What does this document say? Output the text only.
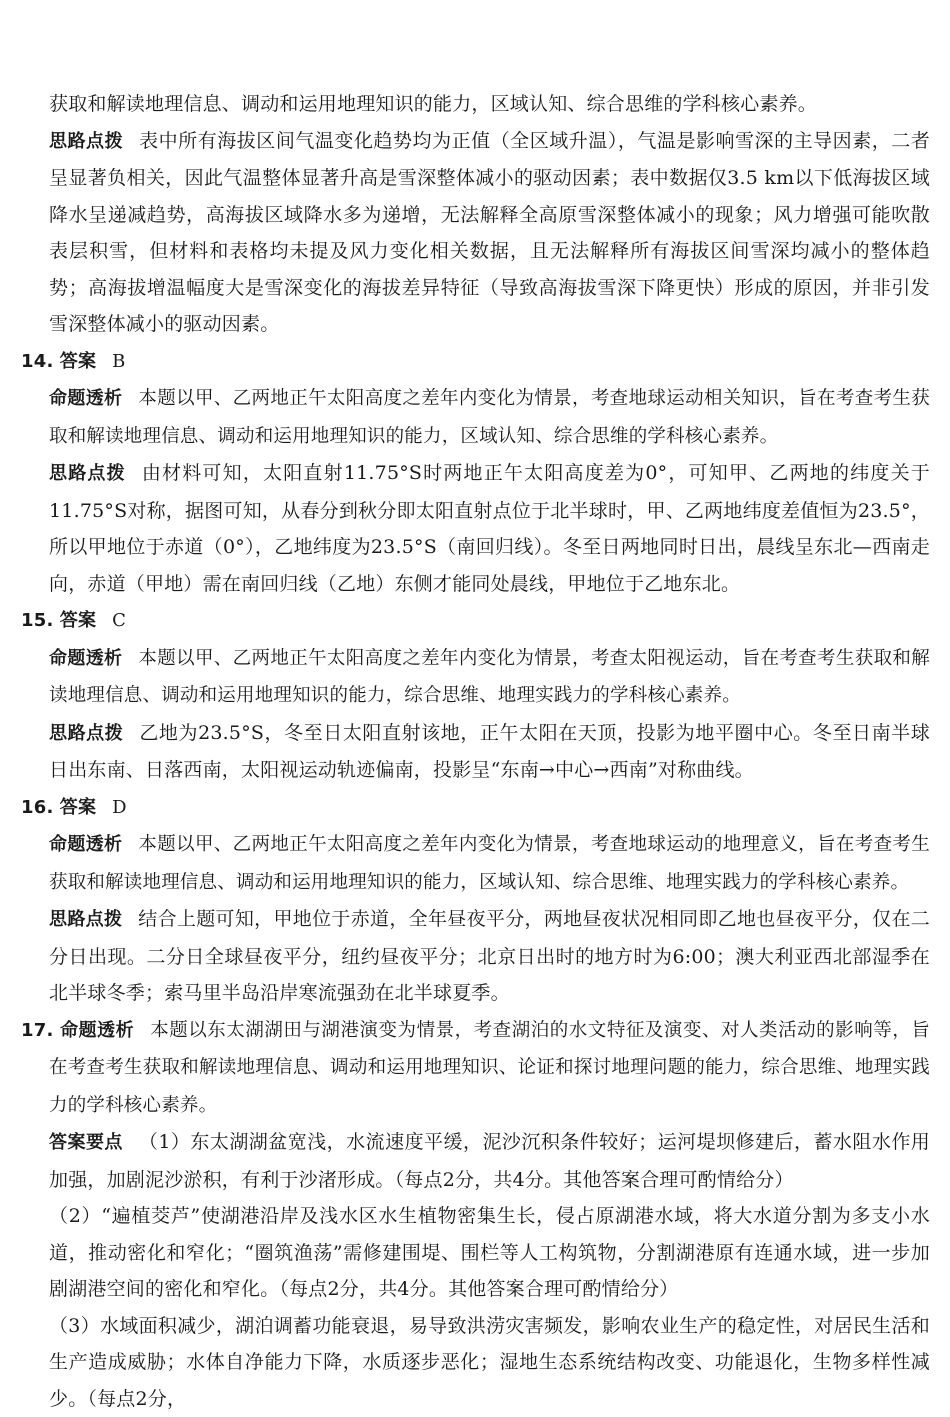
获取和解读地理信息、调动和运用地理知识的能力，区域认知、综合思维的学科核心素养。

思路点拨 表中所有海拔区间气温变化趋势均为正值（全区域升温），气温是影响雪深的主导因素，二者呈显著负相关，因此气温整体显著升高是雪深整体减小的驱动因素；表中数据仅3.5 km以下低海拔区域降水呈递减趋势，高海拔区域降水多为递增，无法解释全高原雪深整体减小的现象；风力增强可能吹散表层积雪，但材料和表格均未提及风力变化相关数据，且无法解释所有海拔区间雪深均减小的整体趋势；高海拔增温幅度大是雪深变化的海拔差异特征（导致高海拔雪深下降更快）形成的原因，并非引发雪深整体减小的驱动因素。

14. 答案 B

命题透析 本题以甲、乙两地正午太阳高度之差年内变化为情景，考查地球运动相关知识，旨在考查考生获取和解读地理信息、调动和运用地理知识的能力，区域认知、综合思维的学科核心素养。

思路点拨 由材料可知，太阳直射11.75°S时两地正午太阳高度差为0°，可知甲、乙两地的纬度关于11.75°S对称，据图可知，从春分到秋分即太阳直射点位于北半球时，甲、乙两地纬度差值恒为23.5°，所以甲地位于赤道（0°），乙地纬度为23.5°S（南回归线）。冬至日两地同时日出，晨线呈东北—西南走向，赤道（甲地）需在南回归线（乙地）东侧才能同处晨线，甲地位于乙地东北。

15. 答案 C

命题透析 本题以甲、乙两地正午太阳高度之差年内变化为情景，考查太阳视运动，旨在考查考生获取和解读地理信息、调动和运用地理知识的能力，综合思维、地理实践力的学科核心素养。

思路点拨 乙地为23.5°S，冬至日太阳直射该地，正午太阳在天顶，投影为地平圈中心。冬至日南半球日出东南、日落西南，太阳视运动轨迹偏南，投影呈“东南→中心→西南”对称曲线。

16. 答案 D

命题透析 本题以甲、乙两地正午太阳高度之差年内变化为情景，考查地球运动的地理意义，旨在考查考生获取和解读地理信息、调动和运用地理知识的能力，区域认知、综合思维、地理实践力的学科核心素养。

思路点拨 结合上题可知，甲地位于赤道，全年昼夜平分，两地昼夜状况相同即乙地也昼夜平分，仅在二分日出现。二分日全球昼夜平分，纽约昼夜平分；北京日出时的地方时为6:00；澳大利亚西北部湿季在北半球冬季；索马里半岛沿岸寒流强劲在北半球夏季。

17. 命题透析 本题以东太湖湖田与湖港演变为情景，考查湖泊的水文特征及演变、对人类活动的影响等，旨在考查考生获取和解读地理信息、调动和运用地理知识、论证和探讨地理问题的能力，综合思维、地理实践力的学科核心素养。

答案要点 （1）东太湖湖盆宽浅，水流速度平缓，泥沙沉积条件较好；运河堤坝修建后，蓄水阻水作用加强，加剧泥沙淤积，有利于沙渚形成。（每点2分，共4分。其他答案合理可酌情给分）

（2）“遍植茭芦”使湖港沿岸及浅水区水生植物密集生长，侵占原湖港水域，将大水道分割为多支小水道，推动密化和窄化；“圈筑渔荡”需修建围堤、围栏等人工构筑物，分割湖港原有连通水域，进一步加剧湖港空间的密化和窄化。（每点2分，共4分。其他答案合理可酌情给分）

（3）水域面积减少，湖泊调蓄功能衰退，易导致洪涝灾害频发，影响农业生产的稳定性，对居民生活和生产造成威胁；水体自净能力下降，水质逐步恶化；湿地生态系统结构改变、功能退化，生物多样性减少。（每点2分，
